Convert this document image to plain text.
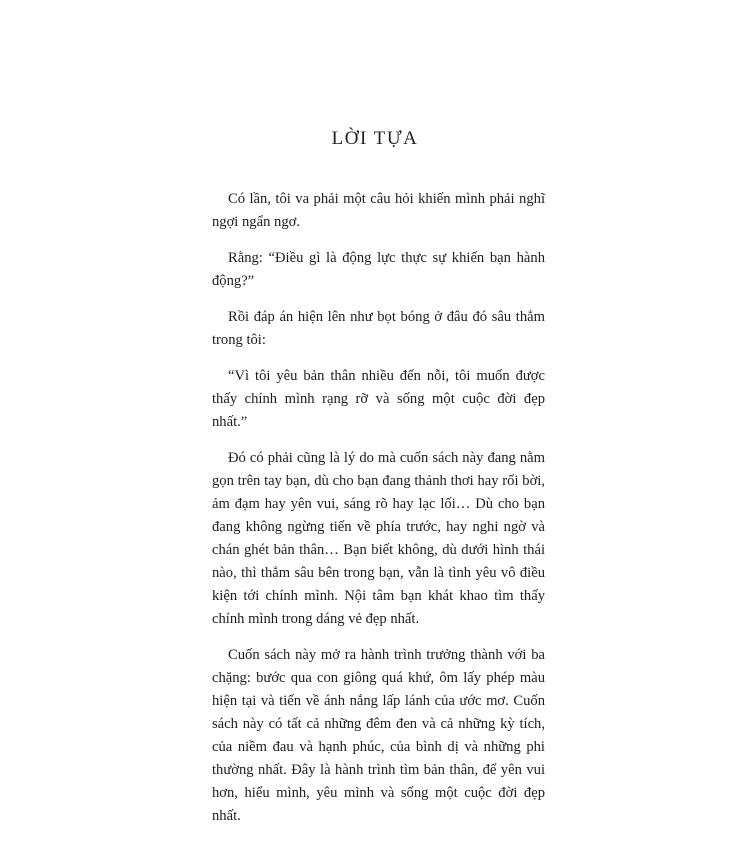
LỜI TỰA

Có lần, tôi va phải một câu hỏi khiến mình phải nghĩ ngợi ngẩn ngơ.

Rằng: “Điều gì là động lực thực sự khiến bạn hành động?”

Rồi đáp án hiện lên như bọt bóng ở đâu đó sâu thẳm trong tôi:

“Vì tôi yêu bản thân nhiều đến nỗi, tôi muốn được thấy chính mình rạng rỡ và sống một cuộc đời đẹp nhất.”

Đó có phải cũng là lý do mà cuốn sách này đang nằm gọn trên tay bạn, dù cho bạn đang thảnh thơi hay rối bời, ảm đạm hay yên vui, sáng rõ hay lạc lối… Dù cho bạn đang không ngừng tiến về phía trước, hay nghi ngờ và chán ghét bản thân… Bạn biết không, dù dưới hình thái nào, thì thẳm sâu bên trong bạn, vẫn là tình yêu vô điều kiện tới chính mình. Nội tâm bạn khát khao tìm thấy chính mình trong dáng vẻ đẹp nhất.

Cuốn sách này mở ra hành trình trưởng thành với ba chặng: bước qua con giông quá khứ, ôm lấy phép màu hiện tại và tiến về ánh nắng lấp lánh của ước mơ. Cuốn sách này có tất cả những đêm đen và cả những kỳ tích, của niềm đau và hạnh phúc, của bình dị và những phi thường nhất. Đây là hành trình tìm bản thân, để yên vui hơn, hiểu mình, yêu mình và sống một cuộc đời đẹp nhất.
